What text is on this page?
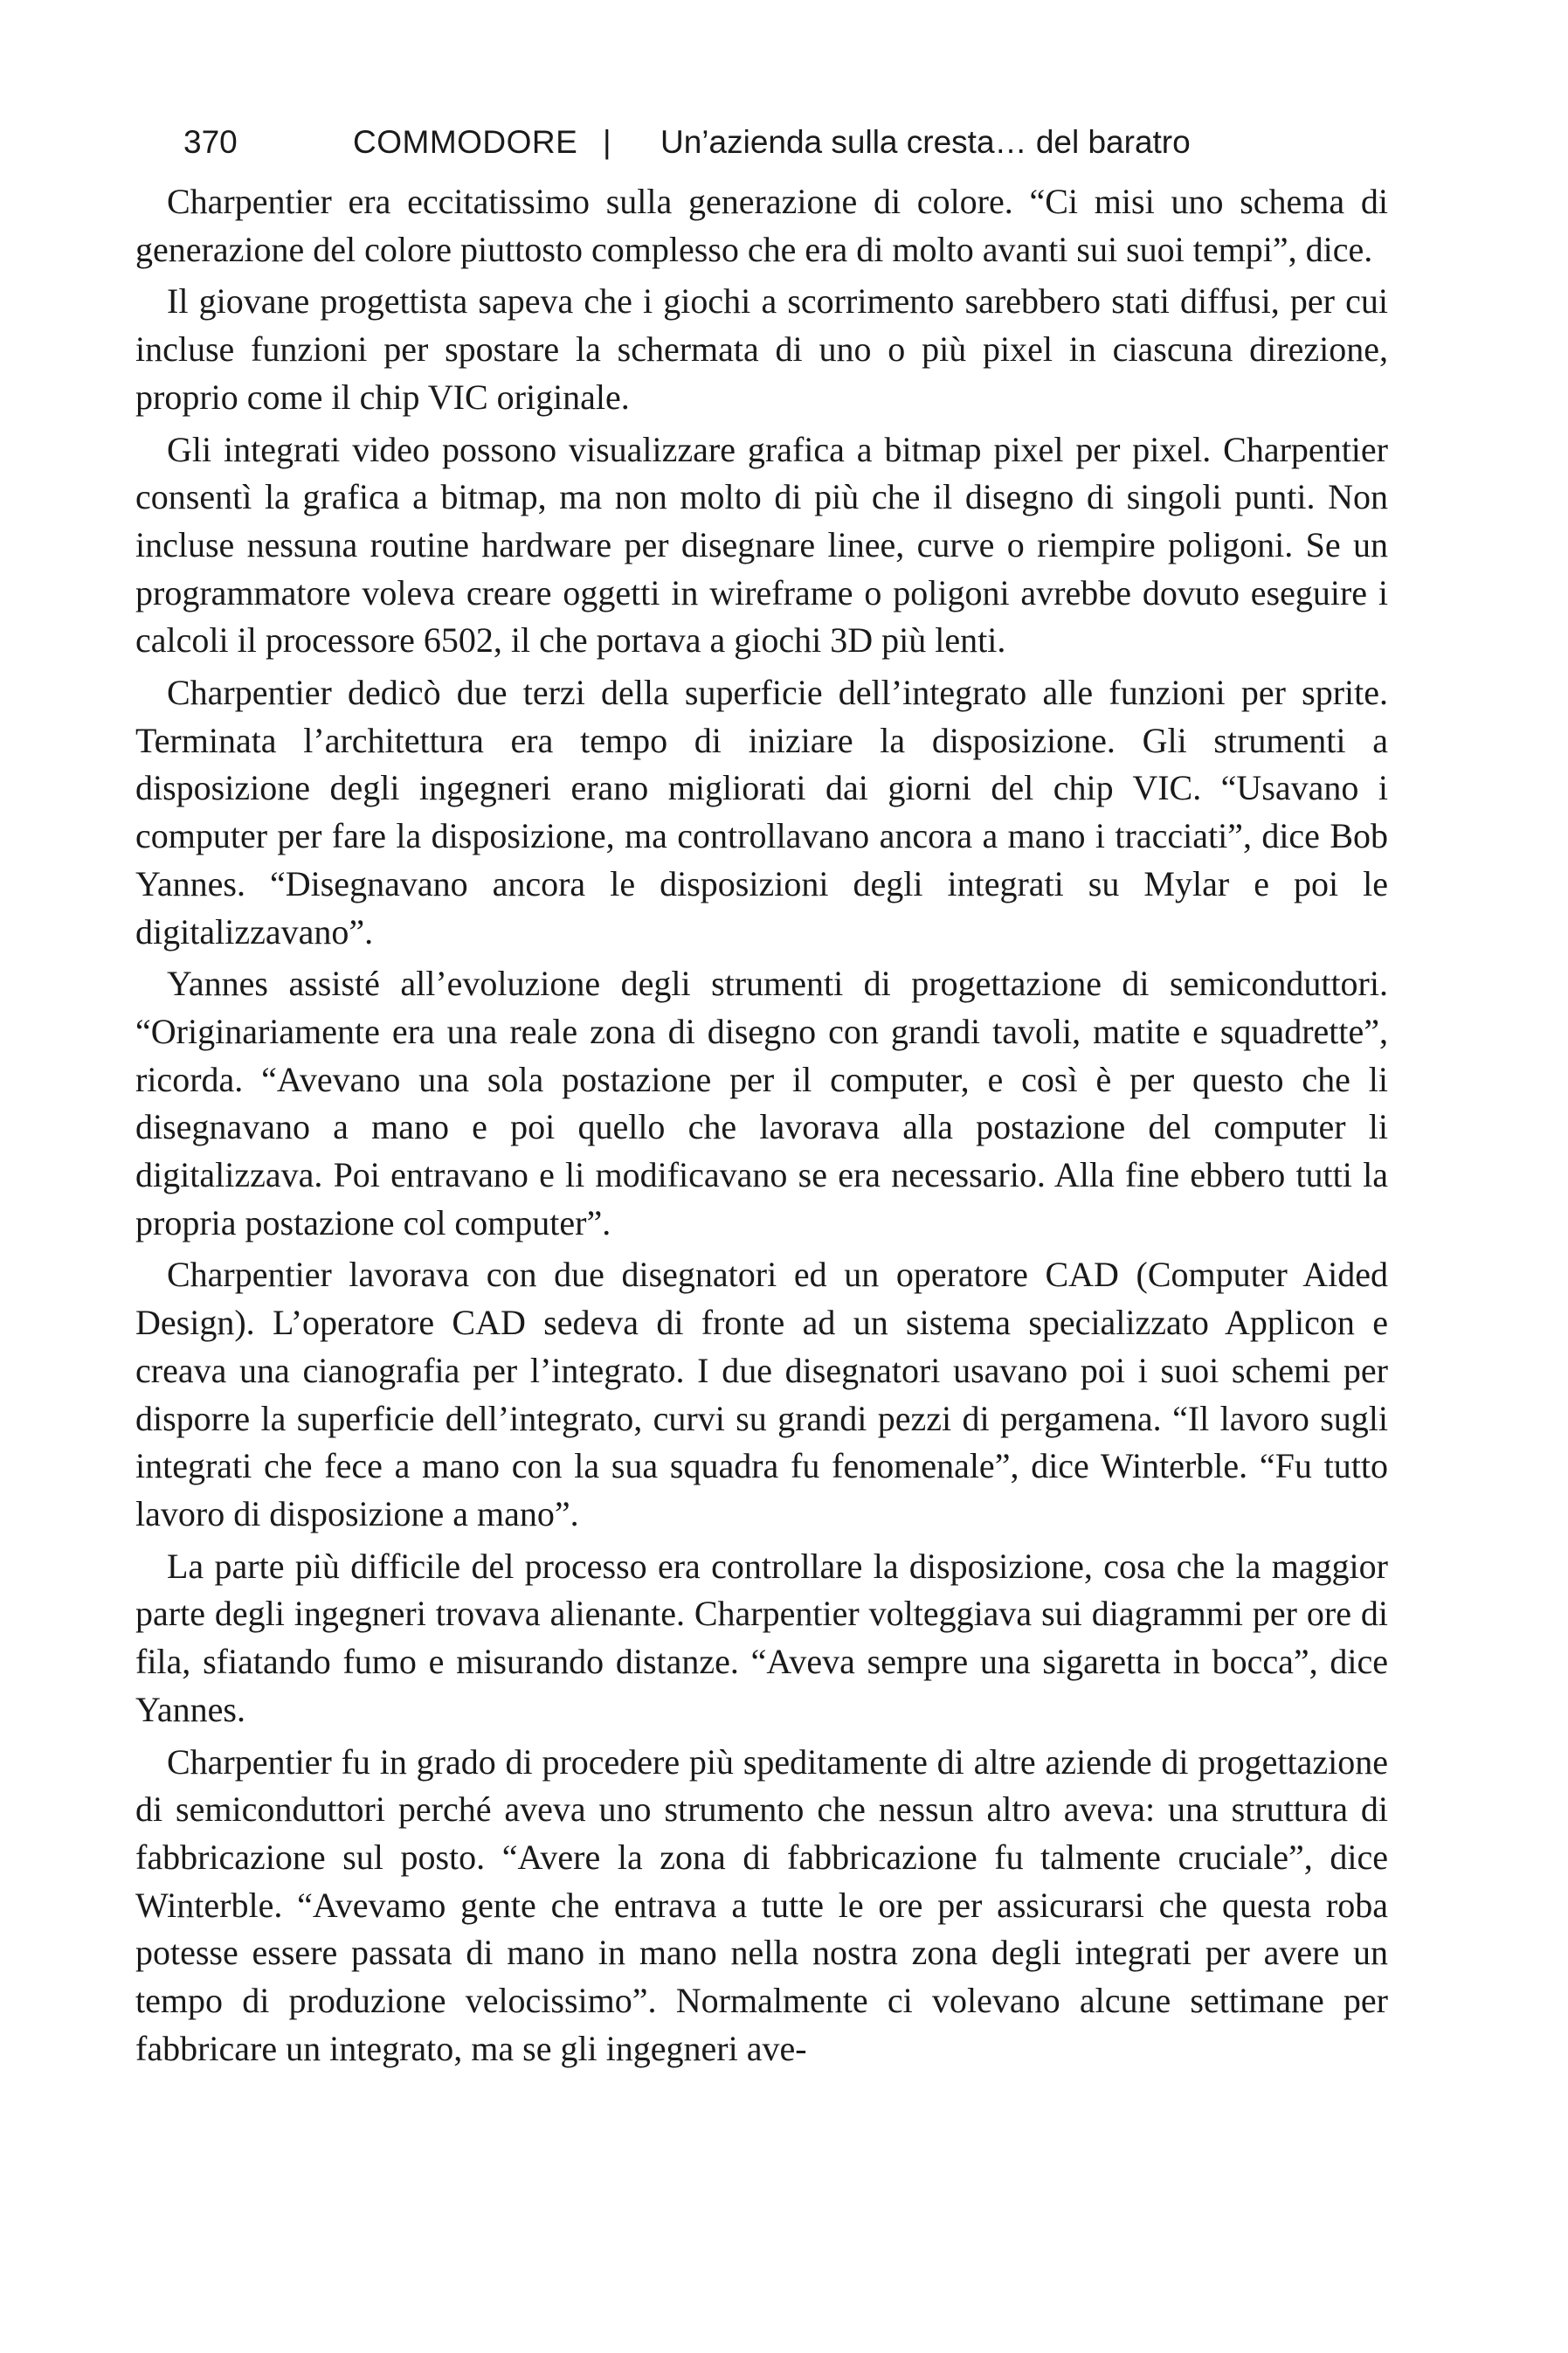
370	COMMODORE | Un’azienda sulla cresta… del baratro

Charpentier era eccitatissimo sulla generazione di colore. “Ci misi uno schema di generazione del colore piuttosto complesso che era di molto avanti sui suoi tempi”, dice.

Il giovane progettista sapeva che i giochi a scorrimento sarebbero stati diffusi, per cui incluse funzioni per spostare la schermata di uno o più pixel in ciascuna direzione, proprio come il chip VIC originale.

Gli integrati video possono visualizzare grafica a bitmap pixel per pixel. Charpentier consentì la grafica a bitmap, ma non molto di più che il disegno di singoli punti. Non incluse nessuna routine hardware per disegnare linee, curve o riempire poligoni. Se un programmatore voleva creare oggetti in wireframe o poligoni avrebbe dovuto eseguire i calcoli il processore 6502, il che portava a giochi 3D più lenti.

Charpentier dedicò due terzi della superficie dell’integrato alle funzioni per sprite. Terminata l’architettura era tempo di iniziare la disposizione. Gli strumenti a disposizione degli ingegneri erano migliorati dai giorni del chip VIC. “Usavano i computer per fare la disposizione, ma controllavano ancora a mano i tracciati”, dice Bob Yannes. “Disegnavano ancora le disposizioni degli integrati su Mylar e poi le digitalizzavano”.

Yannes assisté all’evoluzione degli strumenti di progettazione di semiconduttori. “Originariamente era una reale zona di disegno con grandi tavoli, matite e squadrette”, ricorda. “Avevano una sola postazione per il computer, e così è per questo che li disegnavano a mano e poi quello che lavorava alla postazione del computer li digitalizzava. Poi entravano e li modificavano se era necessario. Alla fine ebbero tutti la propria postazione col computer”.

Charpentier lavorava con due disegnatori ed un operatore CAD (Computer Aided Design). L’operatore CAD sedeva di fronte ad un sistema specializzato Applicon e creava una cianografia per l’integrato. I due disegnatori usavano poi i suoi schemi per disporre la superficie dell’integrato, curvi su grandi pezzi di pergamena. “Il lavoro sugli integrati che fece a mano con la sua squadra fu fenomenale”, dice Winterble. “Fu tutto lavoro di disposizione a mano”.

La parte più difficile del processo era controllare la disposizione, cosa che la maggior parte degli ingegneri trovava alienante. Charpentier volteggiava sui diagrammi per ore di fila, sfiatando fumo e misurando distanze. “Aveva sempre una sigaretta in bocca”, dice Yannes.

Charpentier fu in grado di procedere più speditamente di altre aziende di progettazione di semiconduttori perché aveva uno strumento che nessun altro aveva: una struttura di fabbricazione sul posto. “Avere la zona di fabbricazione fu talmente cruciale”, dice Winterble. “Avevamo gente che entrava a tutte le ore per assicurarsi che questa roba potesse essere passata di mano in mano nella nostra zona degli integrati per avere un tempo di produzione velocissimo”. Normalmente ci volevano alcune settimane per fabbricare un integrato, ma se gli ingegneri ave-
